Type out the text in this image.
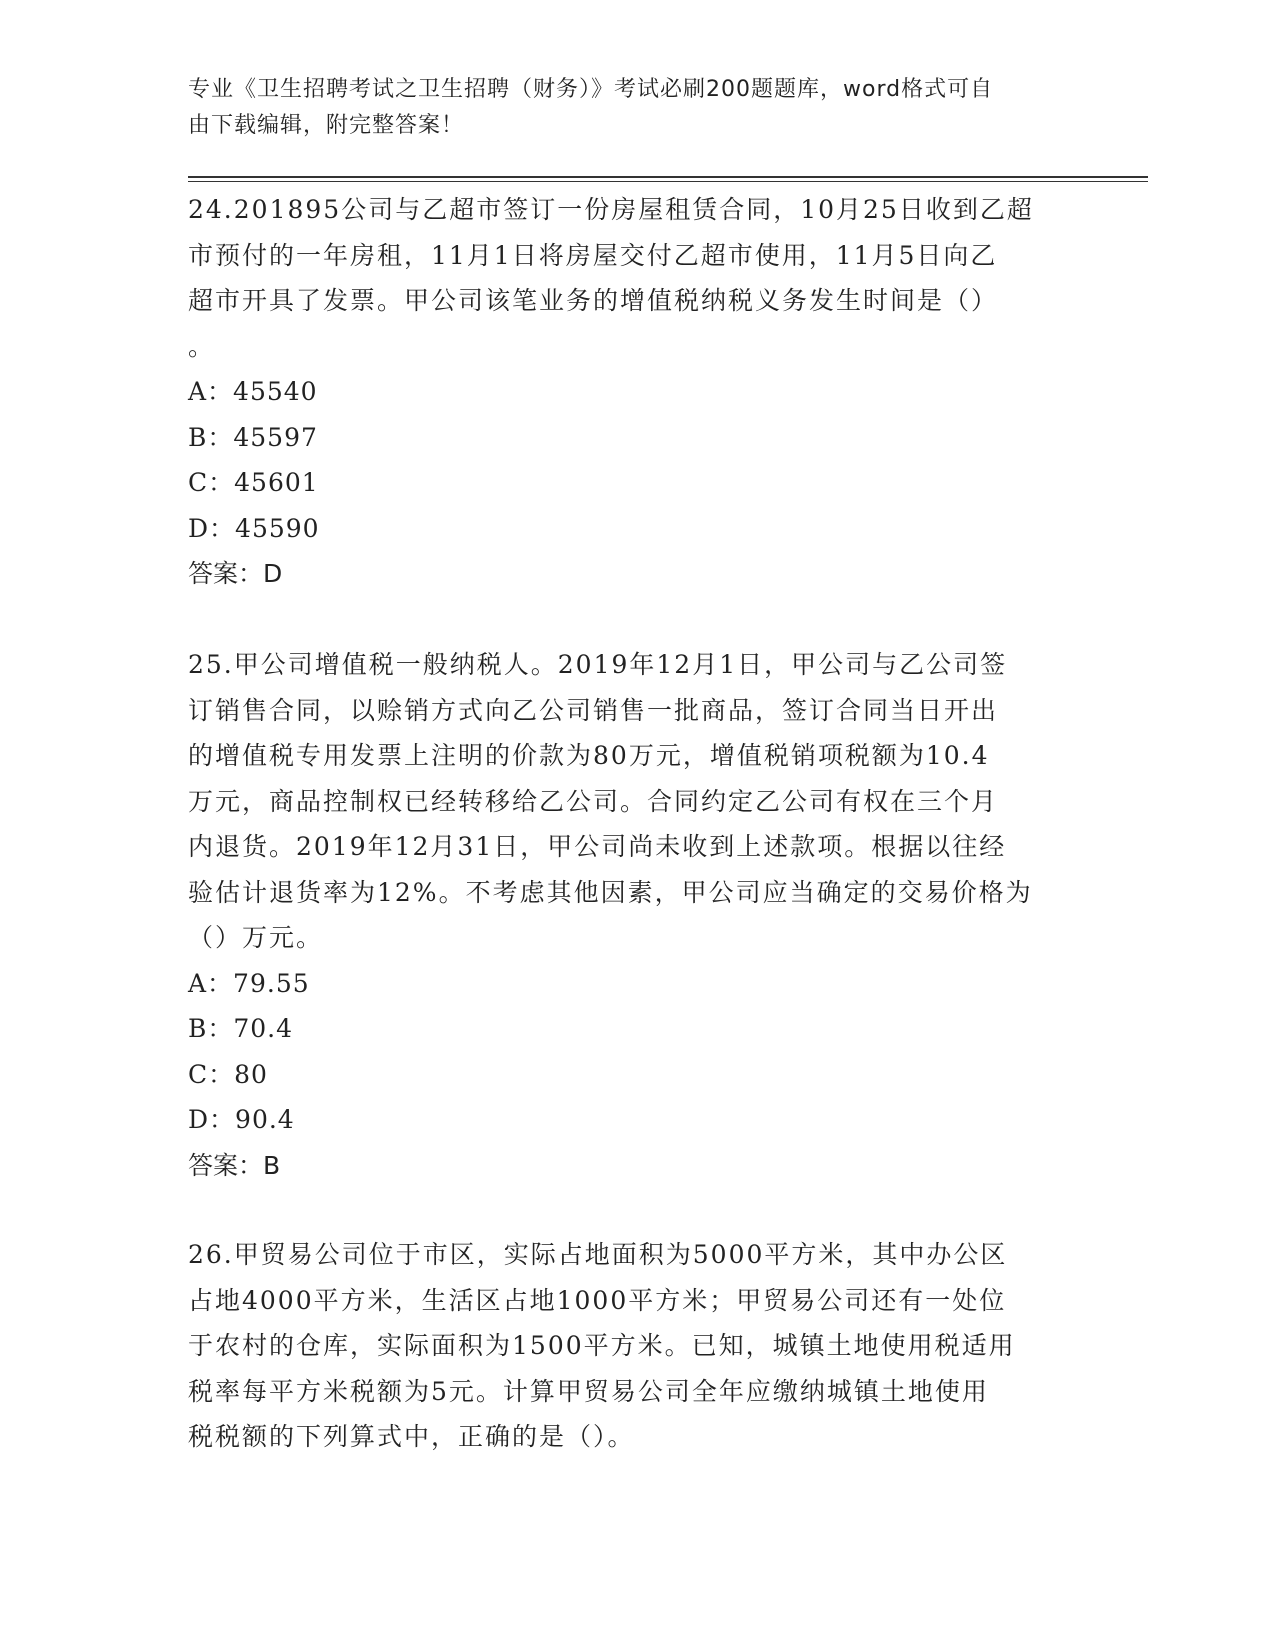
专业《卫生招聘考试之卫生招聘（财务）》考试必刷200题题库，word格式可自
由下载编辑，附完整答案！

24.201895公司与乙超市签订一份房屋租赁合同，10月25日收到乙超

市预付的一年房租，11月1日将房屋交付乙超市使用，11月5日向乙

超市开具了发票。甲公司该笔业务的增值税纳税义务发生时间是（）

。

A：45540

B：45597

C：45601

D：45590

答案：D

25.甲公司增值税一般纳税人。2019年12月1日，甲公司与乙公司签

订销售合同，以赊销方式向乙公司销售一批商品，签订合同当日开出

的增值税专用发票上注明的价款为80万元，增值税销项税额为10.4

万元，商品控制权已经转移给乙公司。合同约定乙公司有权在三个月

内退货。2019年12月31日，甲公司尚未收到上述款项。根据以往经

验估计退货率为12%。不考虑其他因素，甲公司应当确定的交易价格为

（）万元。

A：79.55

B：70.4

C：80

D：90.4

答案：B

26.甲贸易公司位于市区，实际占地面积为5000平方米，其中办公区

占地4000平方米，生活区占地1000平方米；甲贸易公司还有一处位

于农村的仓库，实际面积为1500平方米。已知，城镇土地使用税适用

税率每平方米税额为5元。计算甲贸易公司全年应缴纳城镇土地使用

税税额的下列算式中，正确的是（）。
